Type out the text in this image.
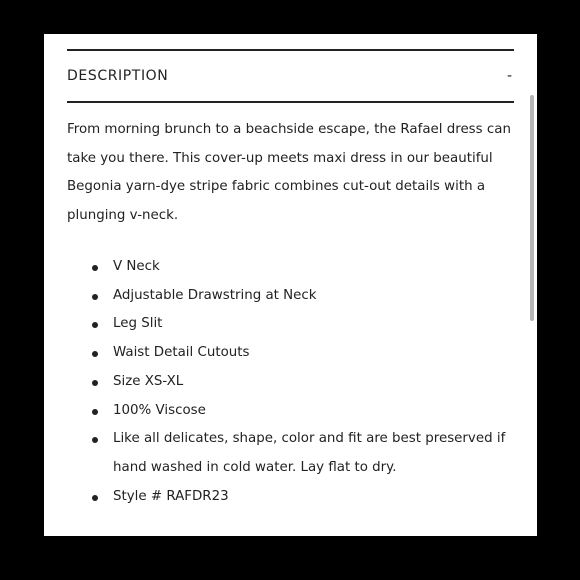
DESCRIPTION	-

From morning brunch to a beachside escape, the Rafael dress can take you there. This cover-up meets maxi dress in our beautiful Begonia yarn-dye stripe fabric combines cut-out details with a plunging v-neck.

V Neck
Adjustable Drawstring at Neck
Leg Slit
Waist Detail Cutouts
Size XS-XL
100% Viscose
Like all delicates, shape, color and fit are best preserved if hand washed in cold water. Lay flat to dry.
Style # RAFDR23
